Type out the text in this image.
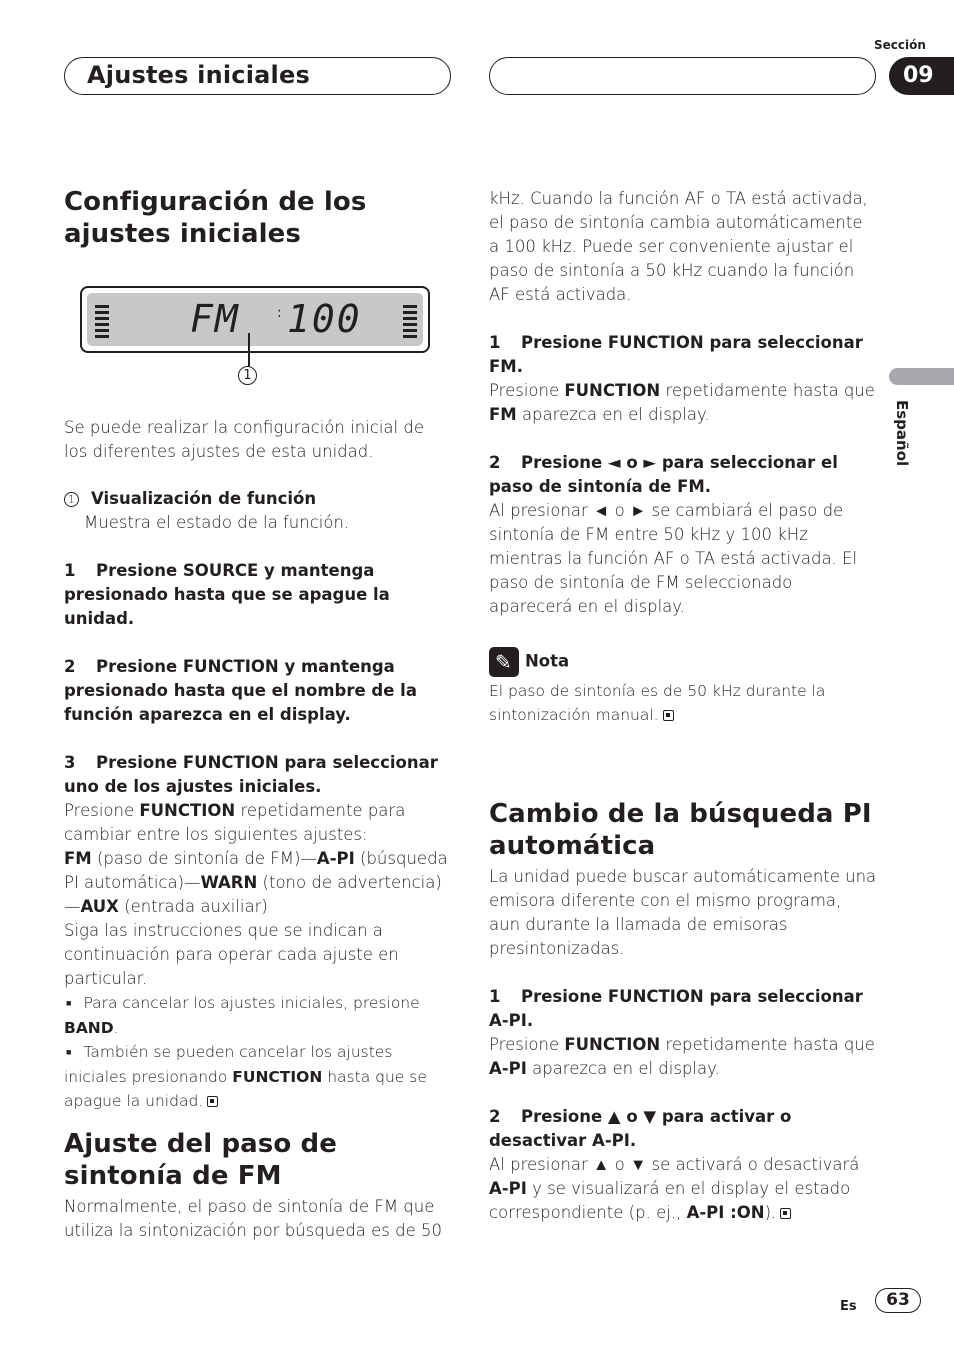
Ajustes iniciales
Sección
09
Español
Configuración de los ajustes iniciales
FM	: 100
1

Se puede realizar la configuración inicial de los diferentes ajustes de esta unidad.

1 Visualización de función

Muestra el estado de la función.

1 Presione SOURCE y mantenga presionado hasta que se apague la unidad.

2 Presione FUNCTION y mantenga presionado hasta que el nombre de la función aparezca en el display.

3 Presione FUNCTION para seleccionar uno de los ajustes iniciales.

Presione FUNCTION repetidamente para cambiar entre los siguientes ajustes:

FM (paso de sintonía de FM)—A-PI (búsqueda PI automática)—WARN (tono de advertencia) —AUX (entrada auxiliar)

Siga las instrucciones que se indican a continuación para operar cada ajuste en particular.

■ Para cancelar los ajustes iniciales, presione BAND.

■ También se pueden cancelar los ajustes iniciales presionando FUNCTION hasta que se apague la unidad.

Ajuste del paso de sintonía de FM

Normalmente, el paso de sintonía de FM que utiliza la sintonización por búsqueda es de 50

kHz. Cuando la función AF o TA está activada, el paso de sintonía cambia automáticamente a 100 kHz. Puede ser conveniente ajustar el paso de sintonía a 50 kHz cuando la función AF está activada.

1 Presione FUNCTION para seleccionar FM.

Presione FUNCTION repetidamente hasta que FM aparezca en el display.

2 Presione ◄ o ► para seleccionar el paso de sintonía de FM.

Al presionar ◄ o ► se cambiará el paso de sintonía de FM entre 50 kHz y 100 kHz mientras la función AF o TA está activada. El paso de sintonía de FM seleccionado aparecerá en el display.

✎Nota

El paso de sintonía es de 50 kHz durante la sintonización manual.

Cambio de la búsqueda PI automática

La unidad puede buscar automáticamente una emisora diferente con el mismo programa, aun durante la llamada de emisoras presintonizadas.

1 Presione FUNCTION para seleccionar A-PI.

Presione FUNCTION repetidamente hasta que A-PI aparezca en el display.

2 Presione ▲ o ▼ para activar o desactivar A-PI.

Al presionar ▲ o ▼ se activará o desactivará A-PI y se visualizará en el display el estado correspondiente (p. ej., A-PI :ON).

Es	63
